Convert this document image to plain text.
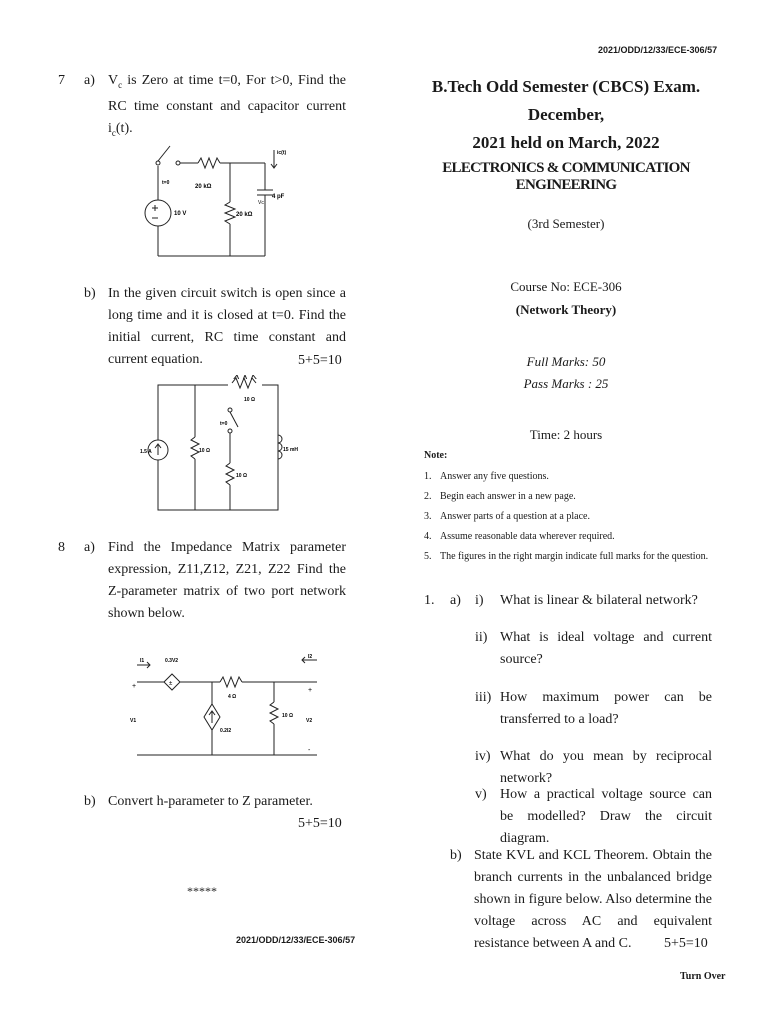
2021/ODD/12/33/ECE-306/57
7 a) $V_c$ is Zero at time t=0, For t>0, Find the RC time constant and capacitor current $i_c(t)$.
t=0
20 kΩ
20 kΩ
10 V
4 pF
Vc
ic(t)
b) In the given circuit switch is open since a long time and it is closed at t=0. Find the initial current, RC time constant and current equation.	5+5=10
1.5 A	10 Ω
10 Ω
10 Ω
t=0
15 mH
8 a) Find the Impedance Matrix parameter expression, Z11,Z12, Z21, Z22 Find the Z-parameter matrix of two port network shown below.
±
I1
I2
0.3V2
4 Ω
0.2I2
10 Ω
V1	V2
+
+
-
b) Convert h-parameter to Z parameter.
5+5=10
*****
2021/ODD/12/33/ECE-306/57
B.Tech Odd Semester (CBCS) Exam. December,
2021 held on March, 2022
ELECTRONICS & COMMUNICATION ENGINEERING
(3rd Semester)
Course No: ECE-306
(Network Theory)
Full Marks: 50
Pass Marks : 25
Time: 2 hours
Note:
1. Answer any five questions.
2. Begin each answer in a new page.
3. Answer parts of a question at a place.
4. Assume reasonable data wherever required.
5. The figures in the right margin indicate full marks for the question.
1. a) i) What is linear & bilateral network?
ii) What is ideal voltage and current source?
iii) How maximum power can be transferred to a load?
iv) What do you mean by reciprocal network?
v) How a practical voltage source can be modelled? Draw the circuit diagram.
b) State KVL and KCL Theorem. Obtain the branch currents in the unbalanced bridge shown in figure below. Also determine the voltage across AC and equivalent resistance between A and C.	5+5=10
Turn Over
